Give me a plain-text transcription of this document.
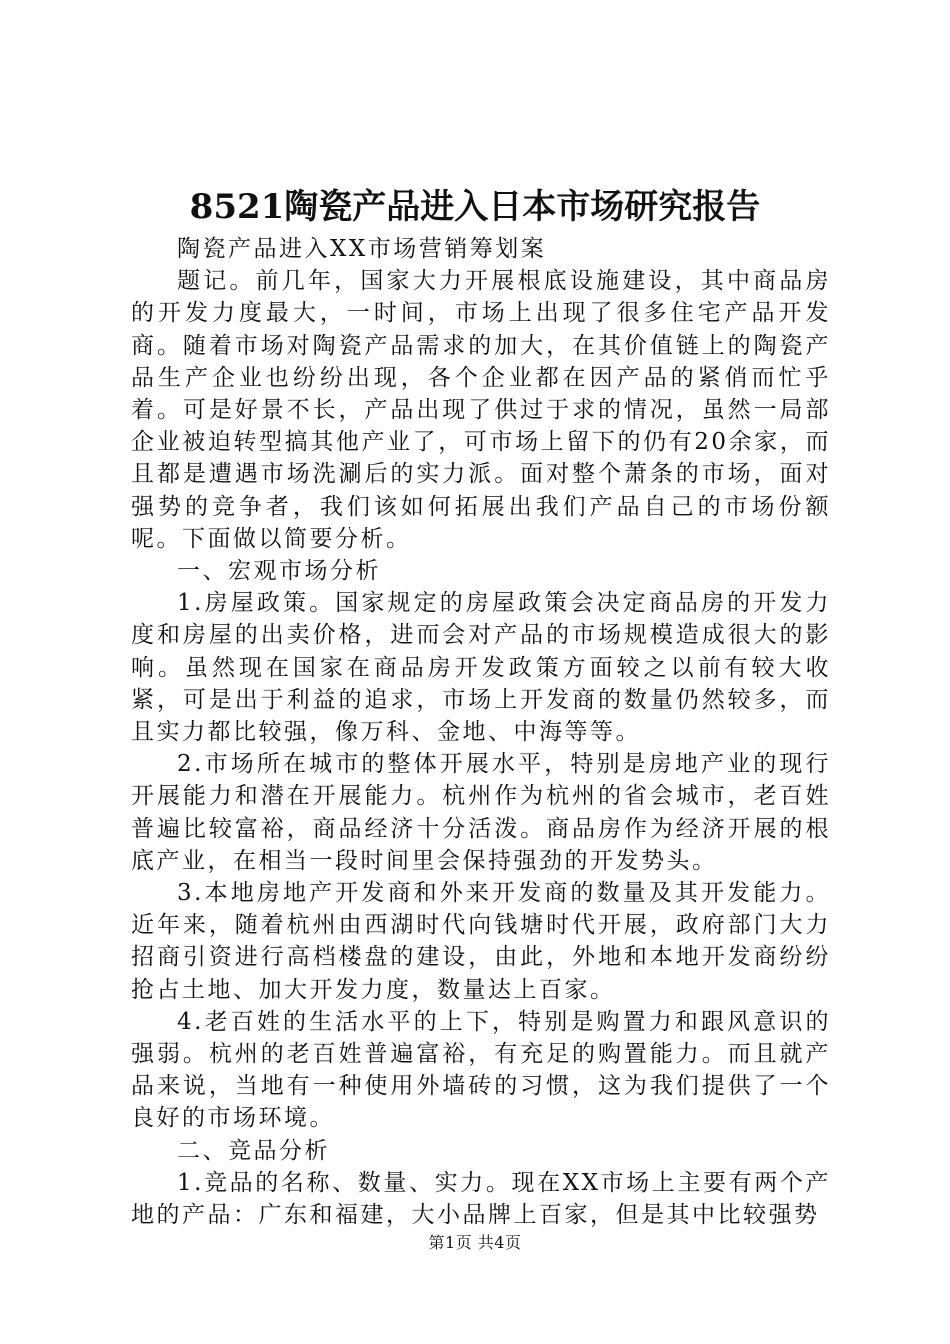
8521陶瓷产品进入日本市场研究报告

陶瓷产品进入XX市场营销筹划案

题记。前几年，国家大力开展根底设施建设，其中商品房的开发力度最大，一时间，市场上出现了很多住宅产品开发商。随着市场对陶瓷产品需求的加大，在其价值链上的陶瓷产品生产企业也纷纷出现，各个企业都在因产品的紧俏而忙乎着。可是好景不长，产品出现了供过于求的情况，虽然一局部企业被迫转型搞其他产业了，可市场上留下的仍有20余家，而且都是遭遇市场洗涮后的实力派。面对整个萧条的市场，面对强势的竞争者，我们该如何拓展出我们产品自己的市场份额呢。下面做以简要分析。

一、宏观市场分析

1.房屋政策。国家规定的房屋政策会决定商品房的开发力度和房屋的出卖价格，进而会对产品的市场规模造成很大的影响。虽然现在国家在商品房开发政策方面较之以前有较大收紧，可是出于利益的追求，市场上开发商的数量仍然较多，而且实力都比较强，像万科、金地、中海等等。

2.市场所在城市的整体开展水平，特别是房地产业的现行开展能力和潜在开展能力。杭州作为杭州的省会城市，老百姓普遍比较富裕，商品经济十分活泼。商品房作为经济开展的根底产业，在相当一段时间里会保持强劲的开发势头。

3.本地房地产开发商和外来开发商的数量及其开发能力。近年来，随着杭州由西湖时代向钱塘时代开展，政府部门大力招商引资进行高档楼盘的建设，由此，外地和本地开发商纷纷抢占土地、加大开发力度，数量达上百家。

4.老百姓的生活水平的上下，特别是购置力和跟风意识的强弱。杭州的老百姓普遍富裕，有充足的购置能力。而且就产品来说，当地有一种使用外墙砖的习惯，这为我们提供了一个良好的市场环境。

二、竞品分析

1.竞品的名称、数量、实力。现在XX市场上主要有两个产地的产品：广东和福建，大小品牌上百家，但是其中比较强势

第1页 共4页
